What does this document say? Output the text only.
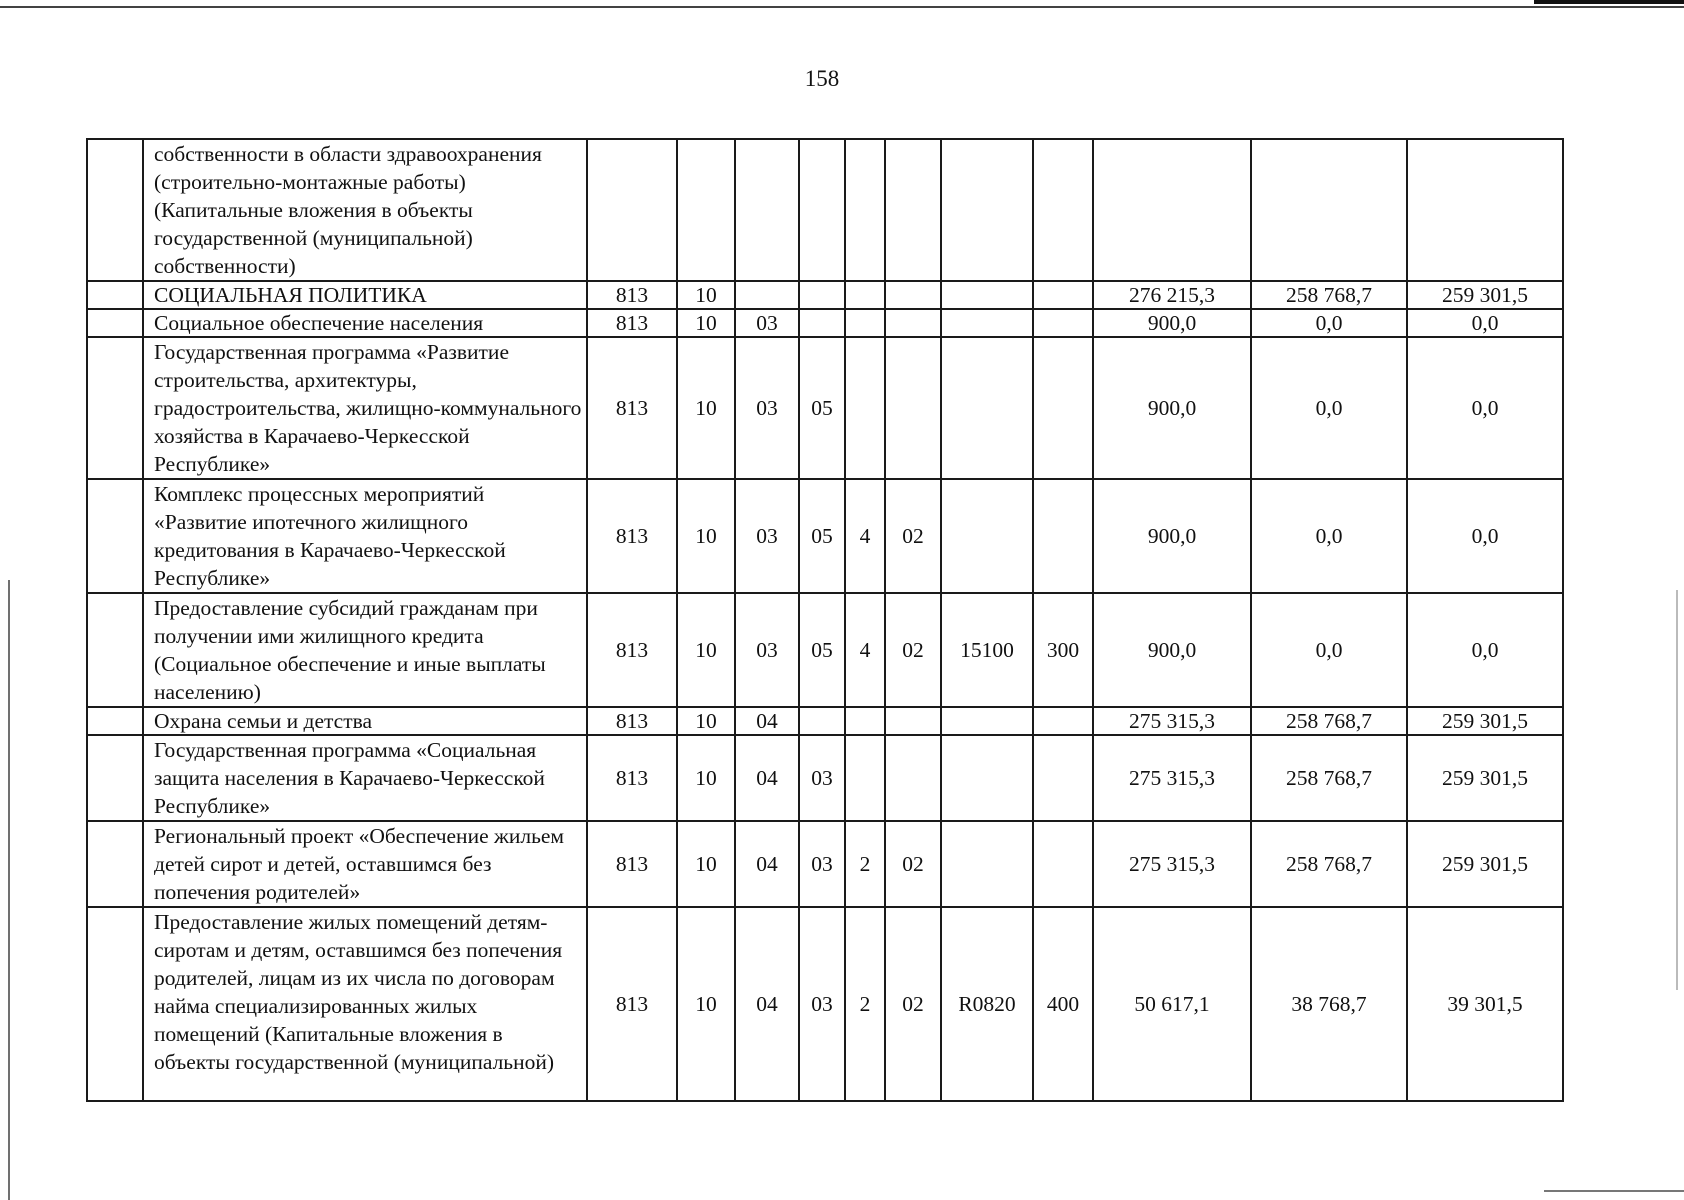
158
	собственности в области здравоохранения (строительно-монтажные работы) (Капитальные вложения в объекты государственной (муниципальной) собственности)											
	СОЦИАЛЬНАЯ ПОЛИТИКА	813	10							276 215,3	258 768,7	259 301,5
	Социальное обеспечение населения	813	10	03						900,0	0,0	0,0
	Государственная программа «Развитие строительства, архитектуры, градостроительства, жилищно-коммунального хозяйства в Карачаево-Черкесской Республике»	813	10	03	05					900,0	0,0	0,0
	Комплекс процессных мероприятий «Развитие ипотечного жилищного кредитования в Карачаево-Черкесской Республике»	813	10	03	05	4	02			900,0	0,0	0,0
	Предоставление субсидий гражданам при получении ими жилищного кредита (Социальное обеспечение и иные выплаты населению)	813	10	03	05	4	02	15100	300	900,0	0,0	0,0
	Охрана семьи и детства	813	10	04						275 315,3	258 768,7	259 301,5
	Государственная программа «Социальная защита населения в Карачаево-Черкесской Республике»	813	10	04	03					275 315,3	258 768,7	259 301,5
	Региональный проект «Обеспечение жильем детей сирот и детей, оставшимся без попечения родителей»	813	10	04	03	2	02			275 315,3	258 768,7	259 301,5
	Предоставление жилых помещений детям-сиротам и детям, оставшимся без попечения родителей, лицам из их числа по договорам найма специализированных жилых помещений (Капитальные вложения в объекты государственной (муниципальной)	813	10	04	03	2	02	R0820	400	50 617,1	38 768,7	39 301,5
